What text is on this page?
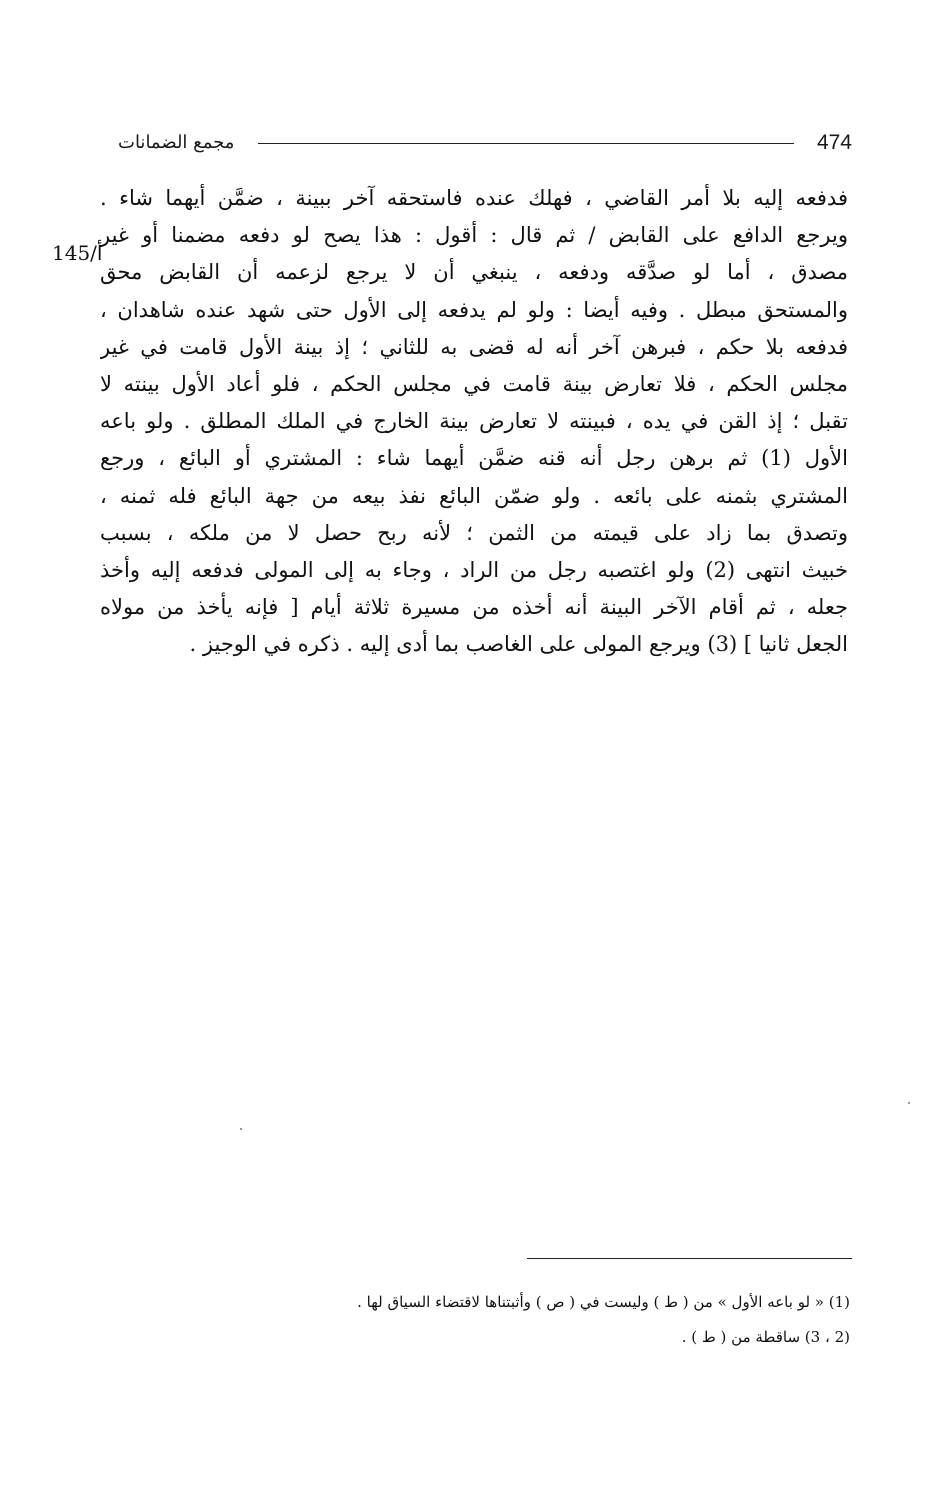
474
مجمع الضمانات
145/أ
فدفعه إليه بلا أمر القاضي ، فهلك عنده فاستحقه آخر ببينة ، ضمَّن أيهما شاء .
ويرجع الدافع على القابض / ثم قال : أقول : هذا يصح لو دفعه مضمنا أو غير
مصدق ، أما لو صدَّقه ودفعه ، ينبغي أن لا يرجع لزعمه أن القابض محق
والمستحق مبطل . وفيه أيضا : ولو لم يدفعه إلى الأول حتى شهد عنده شاهدان ،
فدفعه بلا حكم ، فبرهن آخر أنه له قضى به للثاني ؛ إذ بينة الأول قامت في غير
مجلس الحكم ، فلا تعارض بينة قامت في مجلس الحكم ، فلو أعاد الأول بينته لا
تقبل ؛ إذ القن في يده ، فبينته لا تعارض بينة الخارج في الملك المطلق . ولو باعه
الأول (1) ثم برهن رجل أنه قنه ضمَّن أيهما شاء : المشتري أو البائع ، ورجع
المشتري بثمنه على بائعه . ولو ضمّن البائع نفذ بيعه من جهة البائع فله ثمنه ،
وتصدق بما زاد على قيمته من الثمن ؛ لأنه ربح حصل لا من ملكه ، بسبب
خبيث انتهى (2) ولو اغتصبه رجل من الراد ، وجاء به إلى المولى فدفعه إليه وأخذ
جعله ، ثم أقام الآخر البينة أنه أخذه من مسيرة ثلاثة أيام [ فإنه يأخذ من مولاه
الجعل ثانيا ] (3) ويرجع المولى على الغاصب بما أدى إليه . ذكره في الوجيز .
(1) « لو باعه الأول » من ( ط ) وليست في ( ص ) وأثبتناها لاقتضاء السياق لها .
(2 ، 3) ساقطة من ( ط ) .
